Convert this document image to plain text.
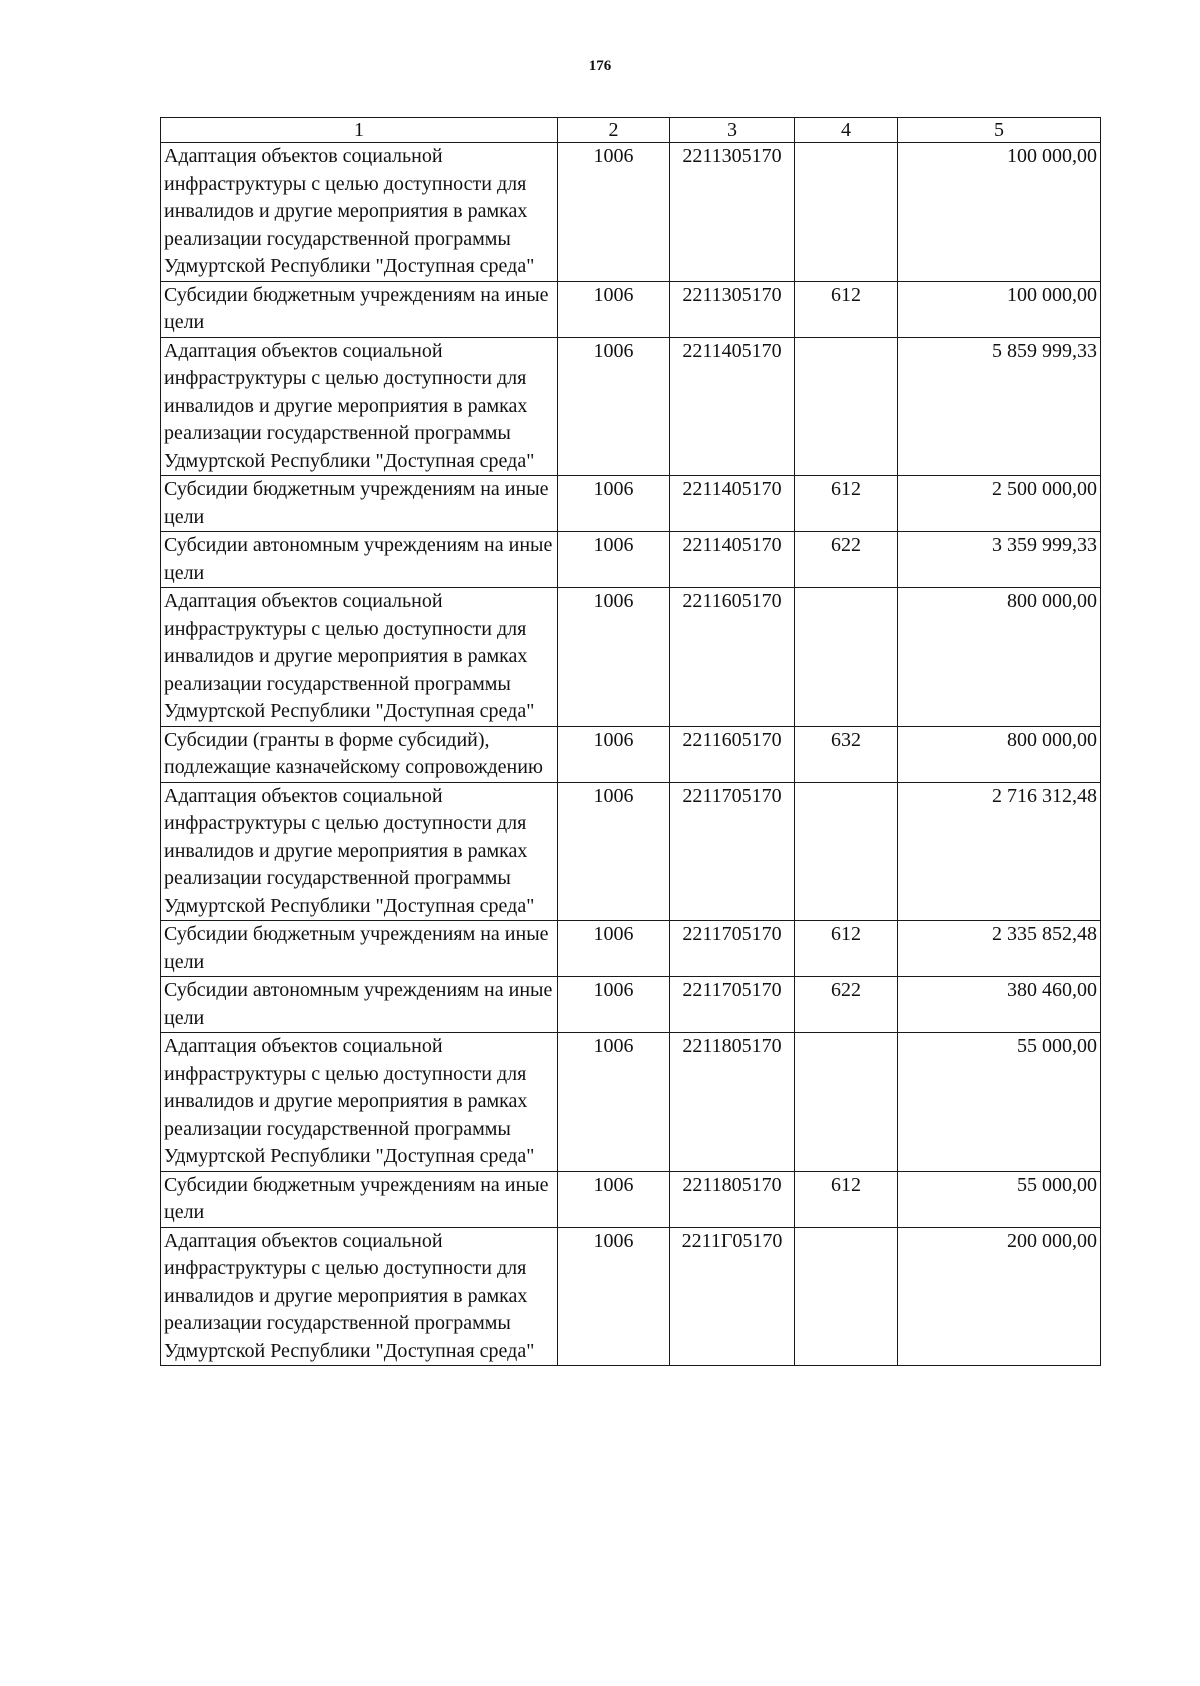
176
1	2	3	4	5
Адаптация объектов социальной инфраструктуры с целью доступности для инвалидов и другие мероприятия в рамках реализации государственной программы Удмуртской Республики "Доступная среда"	1006	2211305170		100 000,00
Субсидии бюджетным учреждениям на иные цели	1006	2211305170	612	100 000,00
Адаптация объектов социальной инфраструктуры с целью доступности для инвалидов и другие мероприятия в рамках реализации государственной программы Удмуртской Республики "Доступная среда"	1006	2211405170		5 859 999,33
Субсидии бюджетным учреждениям на иные цели	1006	2211405170	612	2 500 000,00
Субсидии автономным учреждениям на иные цели	1006	2211405170	622	3 359 999,33
Адаптация объектов социальной инфраструктуры с целью доступности для инвалидов и другие мероприятия в рамках реализации государственной программы Удмуртской Республики "Доступная среда"	1006	2211605170		800 000,00
Субсидии (гранты в форме субсидий), подлежащие казначейскому сопровождению	1006	2211605170	632	800 000,00
Адаптация объектов социальной инфраструктуры с целью доступности для инвалидов и другие мероприятия в рамках реализации государственной программы Удмуртской Республики "Доступная среда"	1006	2211705170		2 716 312,48
Субсидии бюджетным учреждениям на иные цели	1006	2211705170	612	2 335 852,48
Субсидии автономным учреждениям на иные цели	1006	2211705170	622	380 460,00
Адаптация объектов социальной инфраструктуры с целью доступности для инвалидов и другие мероприятия в рамках реализации государственной программы Удмуртской Республики "Доступная среда"	1006	2211805170		55 000,00
Субсидии бюджетным учреждениям на иные цели	1006	2211805170	612	55 000,00
Адаптация объектов социальной инфраструктуры с целью доступности для инвалидов и другие мероприятия в рамках реализации государственной программы Удмуртской Республики "Доступная среда"	1006	2211Г05170		200 000,00
